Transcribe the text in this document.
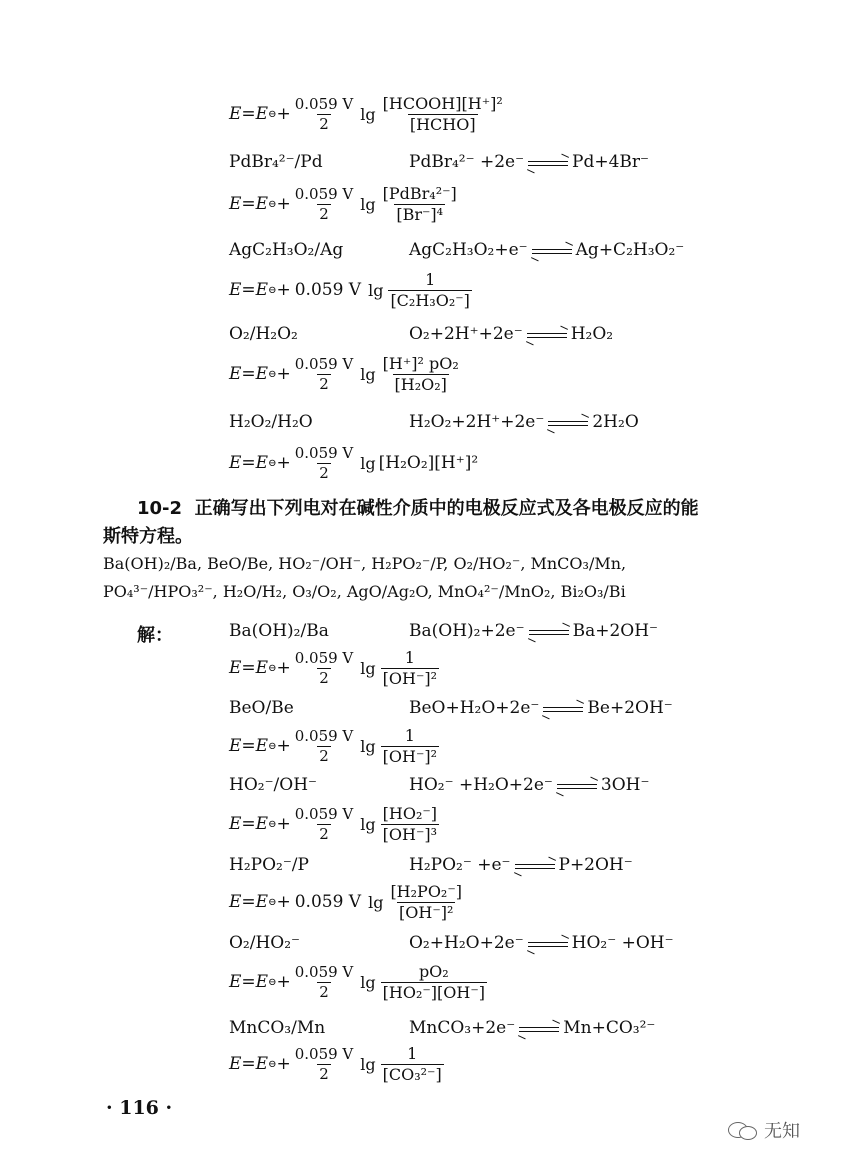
E=E ⊖ + $\frac{0.059 V}{2}$ $\lg \frac{\text{[HCOOH][H⁺]²}}{\text{[HCHO]}}$
PdBr₄²⁻/Pd	PdBr₄²⁻ +2e⁻ → Pd+4Br⁻
E=E ⊖ + $\frac{0.059 V}{2}$ $\lg \frac{\text{[PdBr₄²⁻]}}{\text{[Br⁻]⁴}}$
AgC₂H₃O₂/Ag	AgC₂H₃O₂+e⁻ → Ag+C₂H₃O₂⁻
E=E ⊖ + 0.059 V $\lg \frac{1}{\text{[C₂H₃O₂⁻]}}$
O₂/H₂O₂	O₂+2H⁺+2e⁻ → H₂O₂
E=E ⊖ + $\frac{0.059 V}{2}$ $\lg \frac{\text{[H⁺]² pO₂}}{\text{[H₂O₂]}}$
H₂O₂/H₂O	H₂O₂+2H⁺+2e⁻ → 2H₂O
E=E ⊖ + $\frac{0.059 V}{2}$ lg [H₂O₂][H⁺]²
10-2 正确写出下列电对在碱性介质中的电极反应式及各电极反应的能
斯特方程。
Ba(OH)₂/Ba, BeO/Be, HO₂⁻/OH⁻, H₂PO₂⁻/P, O₂/HO₂⁻, MnCO₃/Mn,
PO₄³⁻/HPO₃²⁻, H₂O/H₂, O₃/O₂, AgO/Ag₂O, MnO₄²⁻/MnO₂, Bi₂O₃/Bi
解：	Ba(OH)₂/Ba	Ba(OH)₂+2e⁻ → Ba+2OH⁻
E=E ⊖ + $\frac{0.059 V}{2}$ $\lg \frac{1}{\text{[OH⁻]²}}$
BeO/Be	BeO+H₂O+2e⁻ → Be+2OH⁻
E=E ⊖ + $\frac{0.059 V}{2}$ $\lg \frac{1}{\text{[OH⁻]²}}$
HO₂⁻/OH⁻	HO₂⁻ +H₂O+2e⁻ → 3OH⁻
E=E ⊖ + $\frac{0.059 V}{2}$ $\lg \frac{\text{[HO₂⁻]}}{\text{[OH⁻]³}}$
H₂PO₂⁻/P	H₂PO₂⁻ +e⁻ → P+2OH⁻
E=E ⊖ + 0.059 V $\lg \frac{\text{[H₂PO₂⁻]}}{\text{[OH⁻]²}}$
O₂/HO₂⁻	O₂+H₂O+2e⁻ → HO₂⁻ +OH⁻
E=E ⊖ + $\frac{0.059 V}{2}$ $\lg \frac{\text{pO₂}}{\text{[HO₂⁻][OH⁻]}}$
MnCO₃/Mn	MnCO₃+2e⁻ → Mn+CO₃²⁻
E=E ⊖ + $\frac{0.059 V}{2}$ $\lg \frac{1}{\text{[CO₃²⁻]}}$
· 116 ·
无知
